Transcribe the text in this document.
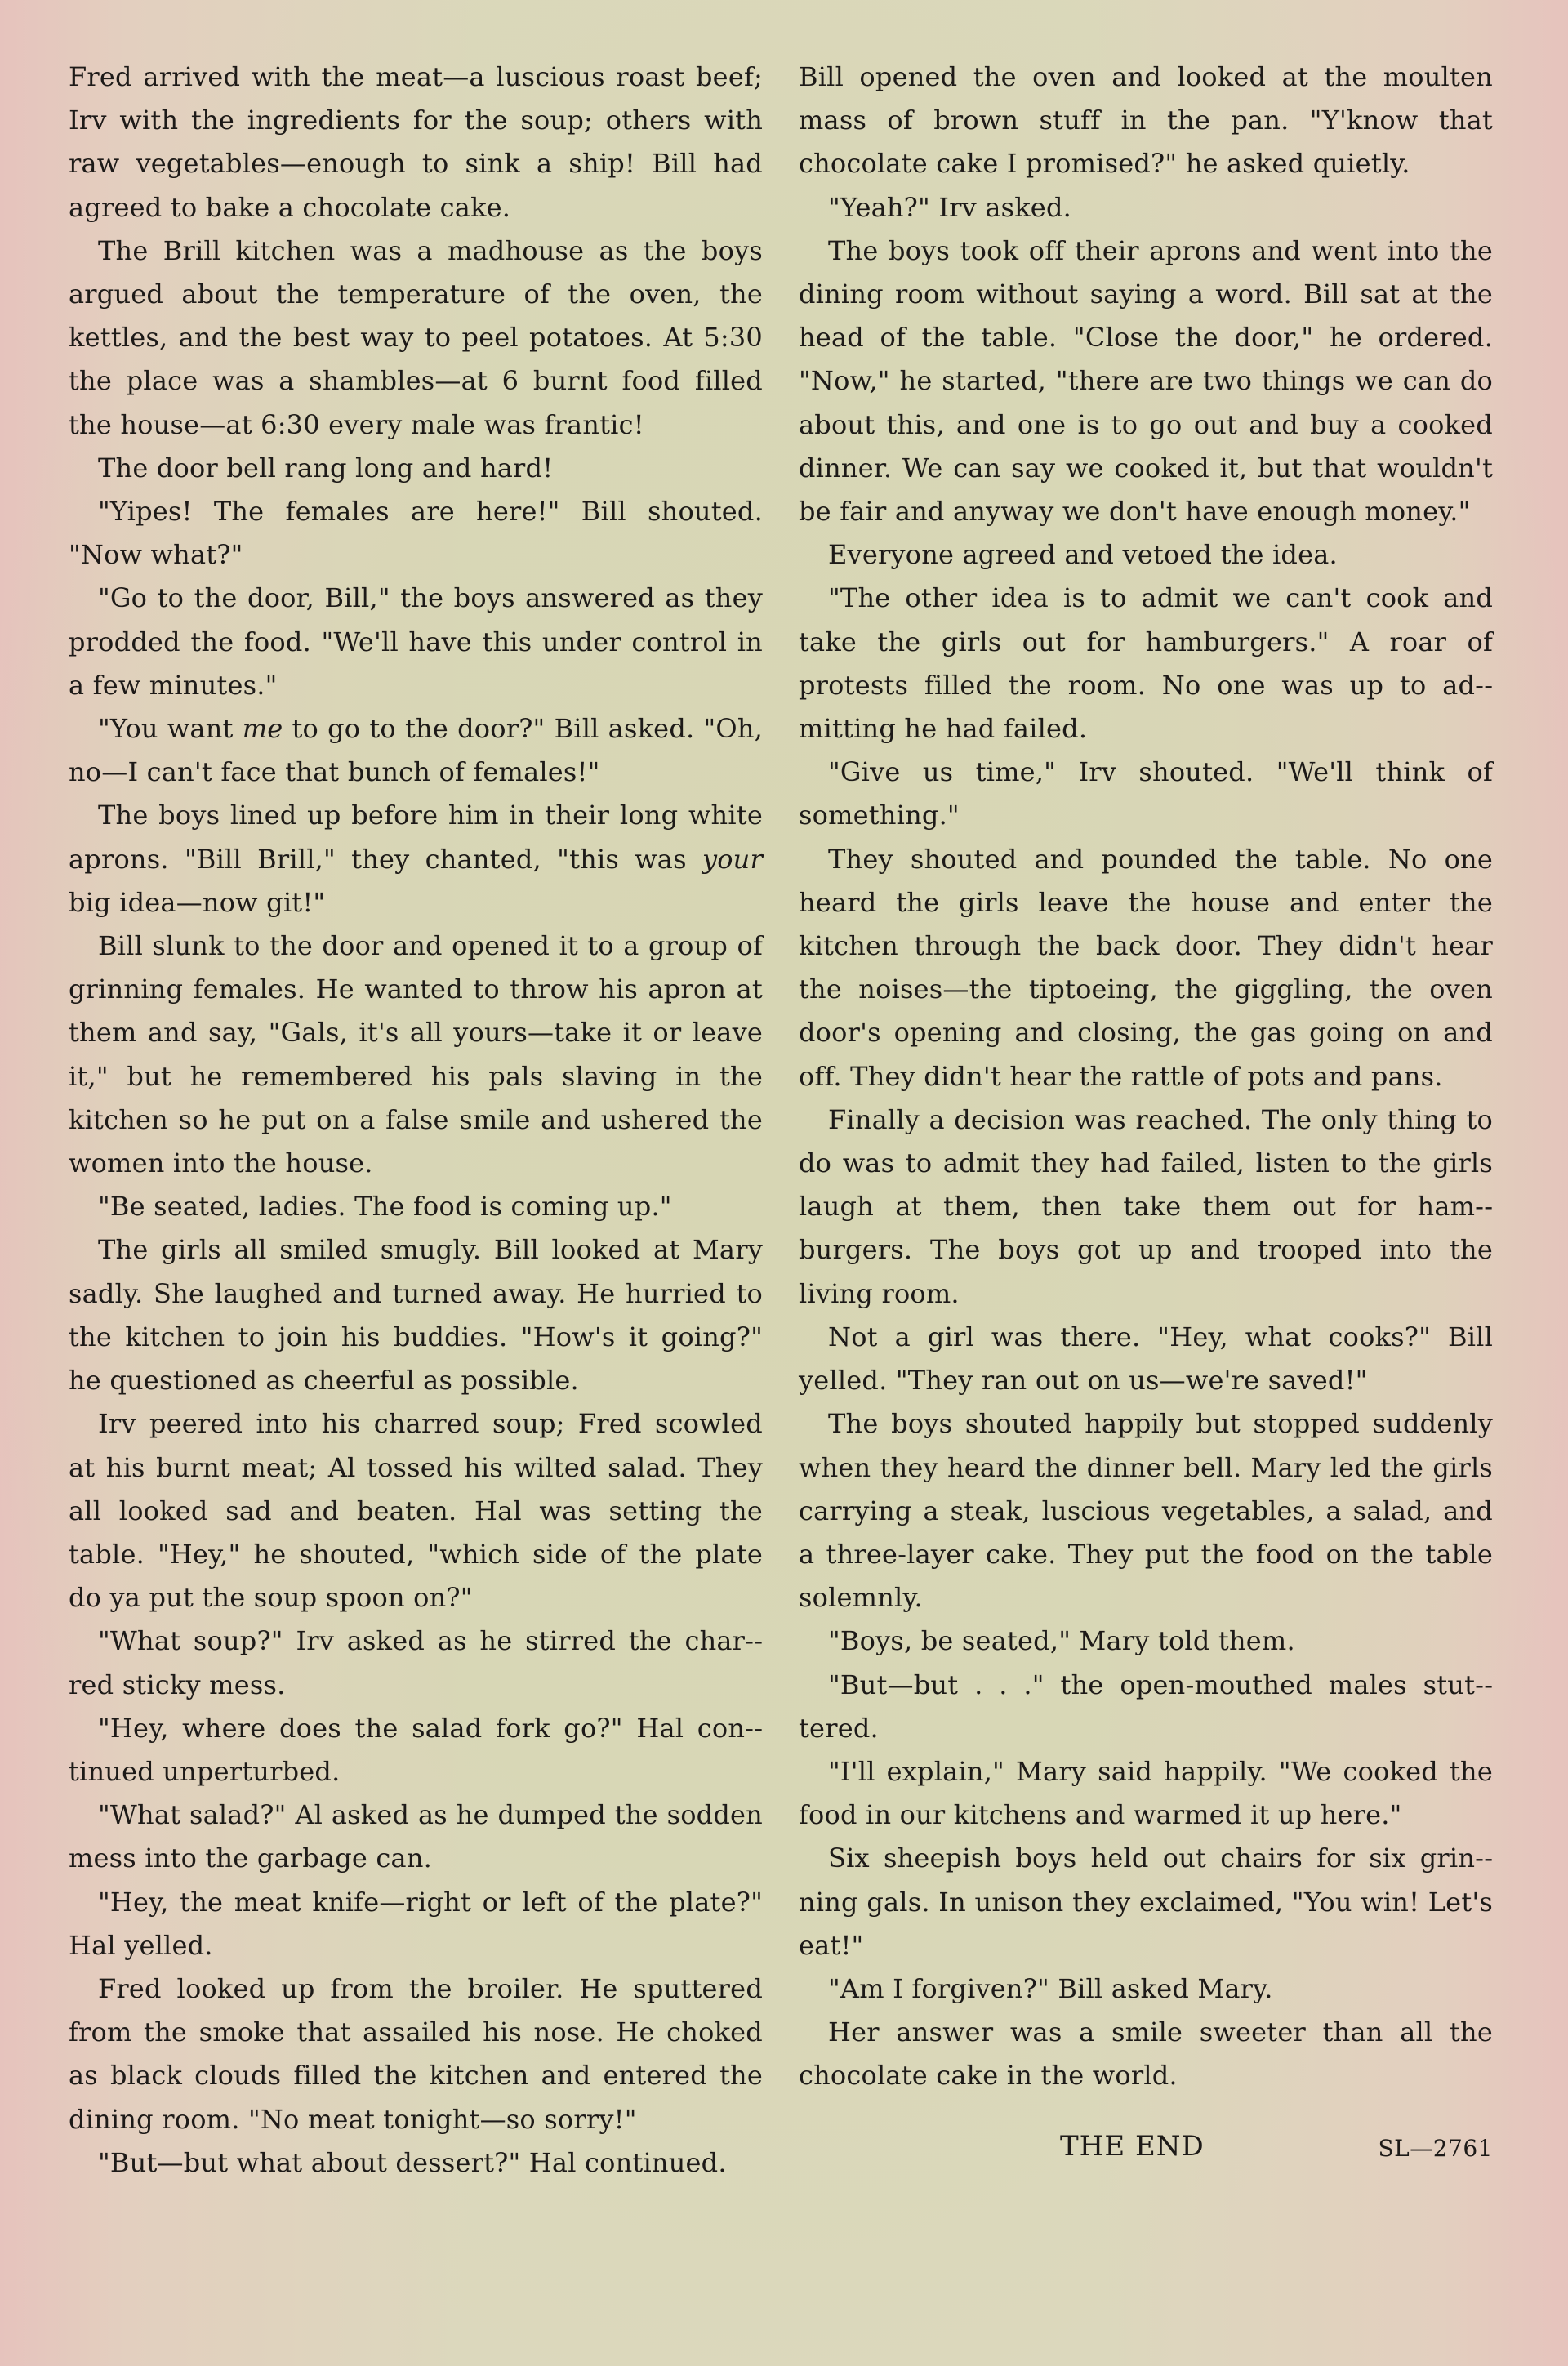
Fred arrived with the meat—a luscious roast beef; Irv with the ingredients for the soup; others with raw vegetables—enough to sink a ship! Bill had agreed to bake a chocolate cake.

The Brill kitchen was a madhouse as the boys argued about the temperature of the oven, the kettles, and the best way to peel potatoes. At 5:30 the place was a shambles—at 6 burnt food filled the house—at 6:30 every male was frantic!

The door bell rang long and hard!

"Yipes! The females are here!" Bill shouted. "Now what?"

"Go to the door, Bill," the boys answered as they prodded the food. "We'll have this under control in a few minutes."

"You want me to go to the door?" Bill asked. "Oh, no—I can't face that bunch of females!"

The boys lined up before him in their long white aprons. "Bill Brill," they chanted, "this was your big idea—now git!"

Bill slunk to the door and opened it to a group of grinning females. He wanted to throw his apron at them and say, "Gals, it's all yours—take it or leave it," but he remembered his pals slaving in the kitchen so he put on a false smile and ushered the women into the house.

"Be seated, ladies. The food is coming up."

The girls all smiled smugly. Bill looked at Mary sadly. She laughed and turned away. He hurried to the kitchen to join his buddies. "How's it going?" he questioned as cheerful as possible.

Irv peered into his charred soup; Fred scowled at his burnt meat; Al tossed his wilted salad. They all looked sad and beaten. Hal was setting the table. "Hey," he shouted, "which side of the plate do ya put the soup spoon on?"

"What soup?" Irv asked as he stirred the char-red sticky mess.

"Hey, where does the salad fork go?" Hal con-tinued unperturbed.

"What salad?" Al asked as he dumped the sodden mess into the garbage can.

"Hey, the meat knife—right or left of the plate?" Hal yelled.

Fred looked up from the broiler. He sputtered from the smoke that assailed his nose. He choked as black clouds filled the kitchen and entered the dining room. "No meat tonight—so sorry!"

"But—but what about dessert?" Hal continued.

Bill opened the oven and looked at the moulten mass of brown stuff in the pan. "Y'know that chocolate cake I promised?" he asked quietly.

"Yeah?" Irv asked.

The boys took off their aprons and went into the dining room without saying a word. Bill sat at the head of the table. "Close the door," he ordered. "Now," he started, "there are two things we can do about this, and one is to go out and buy a cooked dinner. We can say we cooked it, but that wouldn't be fair and anyway we don't have enough money."

Everyone agreed and vetoed the idea.

"The other idea is to admit we can't cook and take the girls out for hamburgers." A roar of protests filled the room. No one was up to ad-mitting he had failed.

"Give us time," Irv shouted. "We'll think of something."

They shouted and pounded the table. No one heard the girls leave the house and enter the kitchen through the back door. They didn't hear the noises—the tiptoeing, the giggling, the oven door's opening and closing, the gas going on and off. They didn't hear the rattle of pots and pans.

Finally a decision was reached. The only thing to do was to admit they had failed, listen to the girls laugh at them, then take them out for ham-burgers. The boys got up and trooped into the living room.

Not a girl was there. "Hey, what cooks?" Bill yelled. "They ran out on us—we're saved!"

The boys shouted happily but stopped suddenly when they heard the dinner bell. Mary led the girls carrying a steak, luscious vegetables, a salad, and a three-layer cake. They put the food on the table solemnly.

"Boys, be seated," Mary told them.

"But—but . . ." the open-mouthed males stut-tered.

"I'll explain," Mary said happily. "We cooked the food in our kitchens and warmed it up here."

Six sheepish boys held out chairs for six grin-ning gals. In unison they exclaimed, "You win! Let's eat!"

"Am I forgiven?" Bill asked Mary.

Her answer was a smile sweeter than all the chocolate cake in the world.

THE END	SL—2761
